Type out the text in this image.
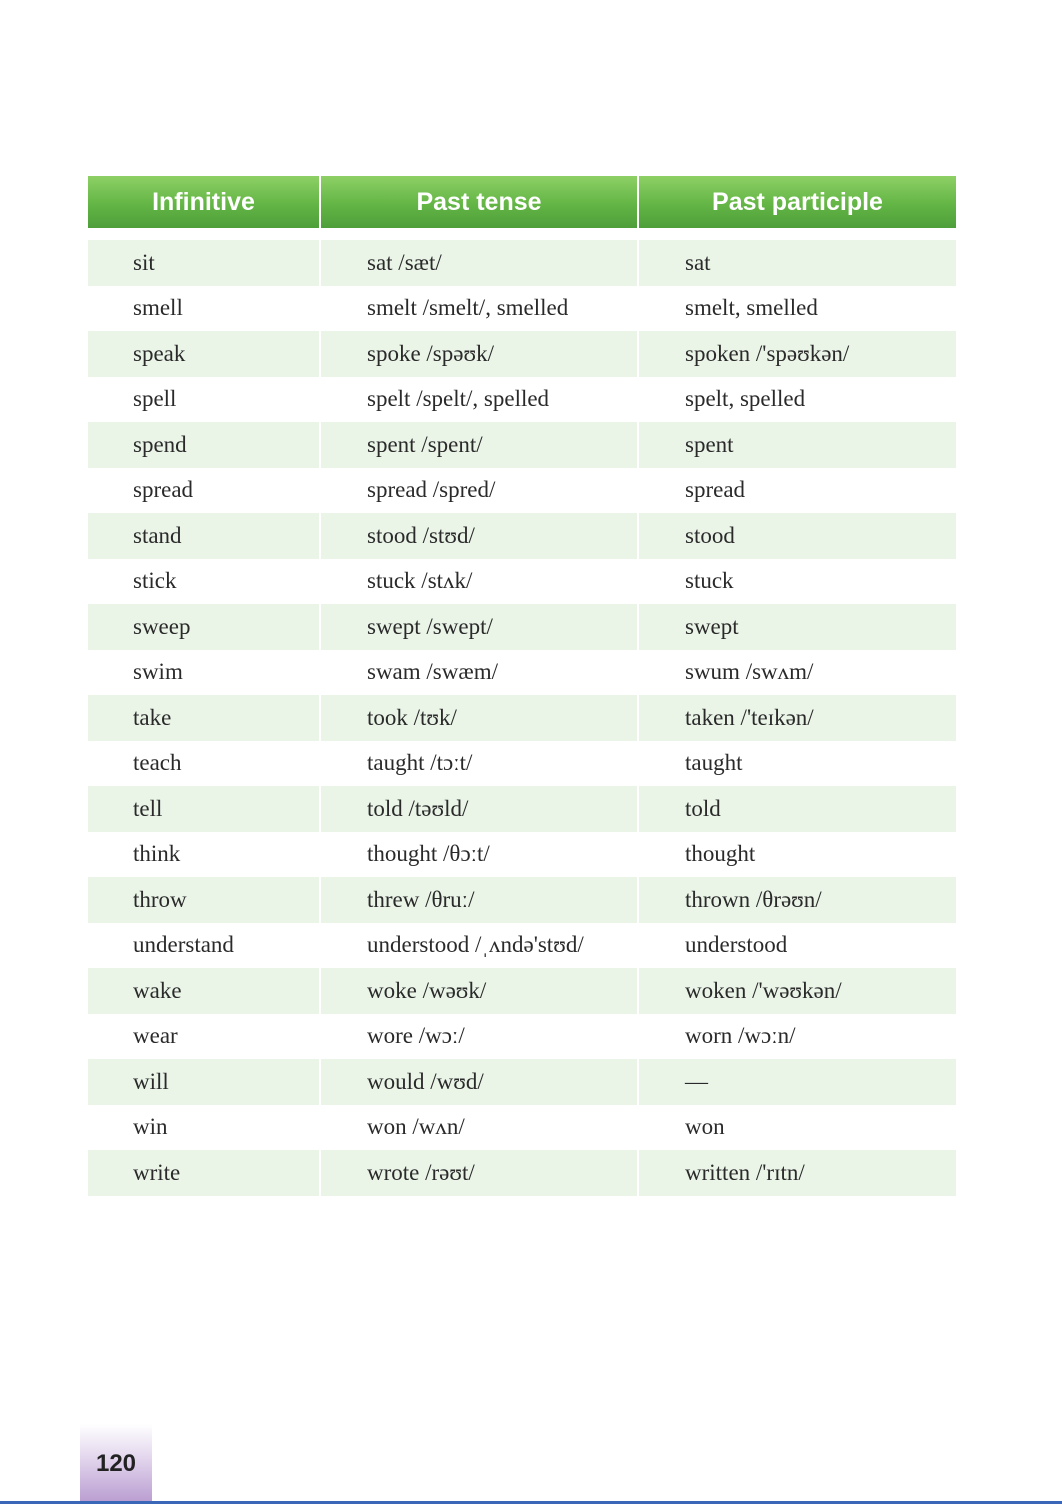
Infinitive	Past tense	Past participle
sit	sat /sæt/	sat
smell	smelt /smelt/, smelled	smelt, smelled
speak	spoke /spəʊk/	spoken /'spəʊkən/
spell	spelt /spelt/, spelled	spelt, spelled
spend	spent /spent/	spent
spread	spread /spred/	spread
stand	stood /stʊd/	stood
stick	stuck /stʌk/	stuck
sweep	swept /swept/	swept
swim	swam /swæm/	swum /swʌm/
take	took /tʊk/	taken /'teɪkən/
teach	taught /tɔːt/	taught
tell	told /təʊld/	told
think	thought /θɔːt/	thought
throw	threw /θruː/	thrown /θrəʊn/
understand	understood /ˌʌndə'stʊd/	understood
wake	woke /wəʊk/	woken /'wəʊkən/
wear	wore /wɔː/	worn /wɔːn/
will	would /wʊd/	—
win	won /wʌn/	won
write	wrote /rəʊt/	written /'rɪtn/
120
